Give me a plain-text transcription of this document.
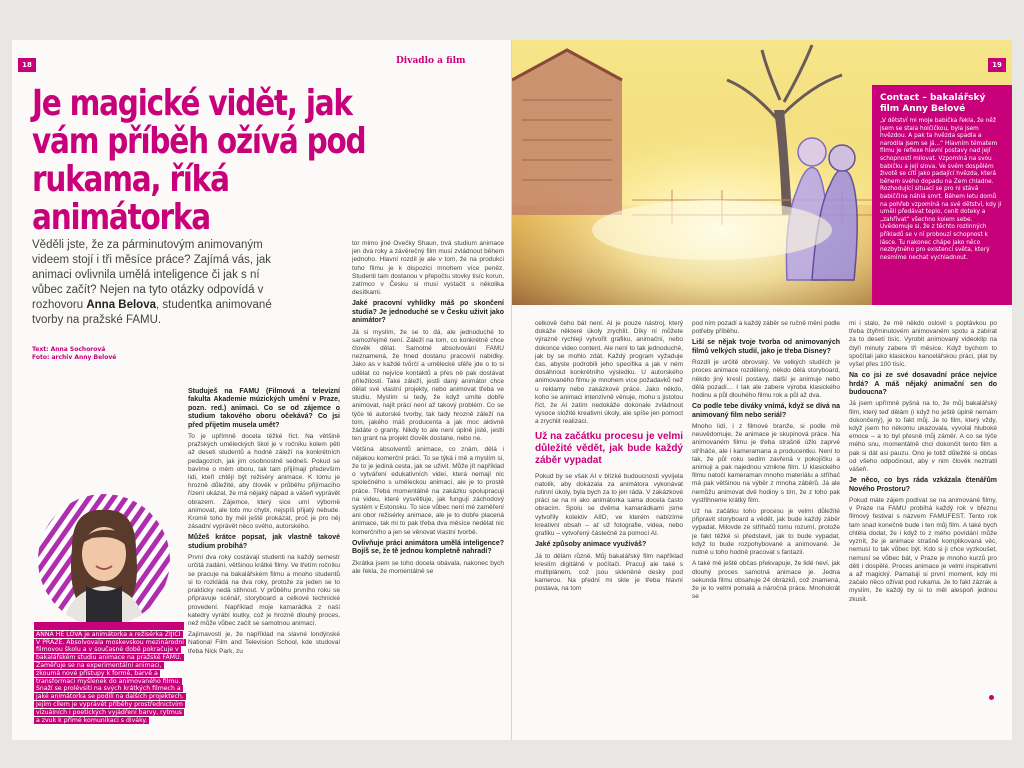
18	Divadlo a film
Je magické vidět, jak vám příběh ožívá pod rukama, říká animátorka

Věděli jste, že za párminutovým animovaným videem stojí i tři měsíce práce? Zajímá vás, jak animaci ovlivnila umělá inteligence či jak s ní vůbec začít? Nejen na tyto otázky odpovídá v rozhovoru Anna Belova, studentka animované tvorby na pražské FAMU.

Text: Anna Sochorová
Foto: archiv Anny Belové
ANNA BELOVA
ANNA HE LOVA je animátorka a režisérka ZIJÍCÍ V PRAZE. Absolvovala moskevskou mezinárodní filmovou školu a v současné době pokračuje v bakalářském studiu animace na pražské FAMU. Zaměřuje se na experimentální animaci, zkoumá nové přístupy k formě, barvě a transformaci myšlenek do animovaného filmu. Snaží se prolévsiti na svých krátkých filmech a jaké animátorka se podílí na dalších projektech. Jejím cílem je vyprávět příběhy prostřednictvím vizuálních i poetických vyjádření barvy, rytmus a zvuk k přímé komunikaci s diváky.
Studuješ na FAMU (Filmová a televizní fakulta Akademie múzických umění v Praze, pozn. red.) animaci. Co se od zájemce o studium takového oboru očekává? Co jsi před přijetím musela umět?

To je upřímně docela těžké říct. Na většině pražských uměleckých škol je v ročníku kolem pěti až deseti studentů a hodně záleží na konkrétních pedagozích, jak jim osobnostně sedneš. Pokud se bavíme o mém oboru, tak tam přijímají především lidi, kteří chtějí být režiséry animace. K tomu je hrozně důležité, aby člověk v průběhu přijímacího řízení ukázal, že má nějaký nápad a vášeň vyprávět obrazem. Zájemce, který sice umí výborně animovat, ale toto mu chybí, nejspíš přijatý nebude. Kromě toho by měl ještě prokázat, proč je pro něj zásadní vyprávět něco svého, autorského.

Můžeš krátce popsat, jak vlastně takové studium probíhá?

První dva roky costávají studenti na každý semestr určitá zadání, většinou krátké filmy. Ve třetím ročníku se pracuje na bakalářském filmu a mnoho studentů si to rozkládá na dva roky, protože za jeden se to prakticky nedá stihnout. V průběhu prvního roku se připravuje scénář, storyboard a celkové technické provedení. Například moje kamarádka z naší katedry vyrábí loutky, což je hrozně dlouhý proces, než může vůbec začít se samotnou animací.

Zajímavostí je, že například na slavné londýnské National Film and Television School, kde studoval třeba Nick Park, zu

tor mimo jiné Ovečky Shaun, trvá studium animace jen dva roky a závěrečný film musí zvládnout během jednoho. Hlavní rozdíl je ale v tom, že na produkci toho filmu je k dispozici mnohem více peněz. Studenti tam dostanou v přepočtu stovky tisíc korun, zatímco v Česku si musí vystačit s několika desítkami.

Jaké pracovní vyhlídky máš po skončení studia? Je jednoduché se v Česku uživit jako animátor?

Já si myslím, že se to dá, ale jednoduché to samozřejmě není. Záleží na tom, co konkrétně chce člověk dělat. Samotné absolvování FAMU neznamená, že hned dostanu pracovní nabídky. Jako as v každé tvůrčí a umělecké sféře jde o to si udělat co nejvíce kontaktů a přes ně pak dostávat příležitosti. Také záleží, jestli daný animátor chce dělat své vlastní projekty, nebo animovat třeba ve studiu. Myslím si tedy, že když umíte dobře animovat, najít práci není až takový problém. Co se týče té autorské tvorby, tak tady hrozně záleží na tom, jakého máš producenta a jak moc aktivně žádáte o granty. Nikdy to ale není úplně jisté, jestli ten grant na projekt člověk dostane, nebo ne.

Většina absolventů animace, co znám, dělá i nějakou komerční práci. To se týká i mě a myslím si, že to je jediná cesta, jak se uživit. Může jít například o vytváření edukativních videí, která nemají nic společného s uměleckou animací, ale je to prostě práce. Třeba momentálně na zakázku spolupracuji na videu, které vysvětluje, jak fungují záchodový systém v Estonsku. To sice vůbec není mé zaměření ani obor režisérky animace, ale je to dobře placená animace, tak mi to pak třeba dva měsíce nedělat nic komerčního a jen se věnovat vlastní tvorbě.

Ovlivňuje práci animátora umělá inteligence? Bojíš se, že tě jednou kompletně nahradí?

Zkrátka jsem se toho docela obávala, nakonec bych ale řekla, že momentálně se

19
Contact – bakalářský film Anny Belové

„V dětství mi moje babička řekla, že něž jsem se stala holčičkou, byla jsem hvězdou. A pak ta hvězda spadla a narodila jsem se já...“ Hlavním tématem filmu je reflexe hlavní postavy nad její schopností milovat. Vzpomíná na svou babičku a její slova. Ve svém dospělém životě se cítí jako padající hvězda, která během svého dopadu na Zem chladne. Rozhodující situací se pro ni stává babiččina náhlá smrt. Během letu domů na pohřeb vzpomíná na své dětství, kdy ji uměli předávat teplo, cenit doteky a „zahřívat“ všechno kolem sebe. Uvědomuje si, že z těchto rozlinných příkladů se v ní probouzí schopnost k lásce. Tu nakonec chápe jako něco nezbytného pro existenci světa, který nesmíme nechat vychladnout.

celkově čeho bát není. AI je pouze nástroj, který dokáže některé úkoly zrychlit. Díky ní můžete výrazně rychleji vytvořit grafiku, animační, nebo dokonce video content. Ale není to tak jednoduché, jak by se mohlo zdát. Každý program vyžaduje čas, abyste podrobili jeho specifika a jak v ném dosáhnout konkrétního výsledku. U autorského animovaného filmu je mnohem více požadavků než u reklamy nebo zakázkové práce. Jako někdo, koho se animaci intenzivně věnuje, mohu s jistotou říct, že AI zatím nedokáže dokonale zvládnout vysoce složité kreativní úkoly, ale spíše jen pomoct a zrychlit realizaci.

Už na začátku procesu je velmi důležité vědět, jak bude každý záběr vypadat

Pokud by se však AI v blízké budoucnosti vyvíjela natolik, aby dokázala za animátora vykonávat rutinní úkoly, byla bych za to jen ráda. V zakázkové práci se na ní ako animátorka sama docela často obracím. Spolu se dvěma kamarádkami jsme vytvořily kolektiv AIID, ve kterém nabízíme kreativní obsah – ať už fotografie, videa, nebo grafiku – vytvořený částečně za pomocí AI.

Jaké způsoby animace využíváš?

Já to dělám různě. Můj bakalářský film například kreslím digitálně v počítači. Pracuji ale také s multiplánem, což jsou skleněné desky pod kamerou. Na přední mi skle je třeba hlavní postava, na tom

pod ním pozadí a každý záběr se ručně mění podle potřeby příběhu.

Liší se nějak tvoje tvorba od animovaných filmů velkých studií, jako je třeba Disney?

Rozdíl je určitě obrovský. Ve velkých studiích je proces animace rozdělený, někdo dělá storyboard, někdo jiný kreslí postavy, další je animuje nebo dělá pozadí… I tak ale zabere výroba klasického hodinu a půl dlouhého filmu rok a půl až dva.

Co podle tebe diváky vnímá, když se dívá na animovaný film nebo seriál?

Mnoho lidí, i z filmové branže, si podle mě neuvědomuje, že animace je skupinová práce. Na animovaném filmu je třeba strašně úžlo zaprvé stříháče, ale i kameramana a producentku. Není to tak, že půl roku sedím zavřená v pokojíčku a animuji a pak najednou vznikne film. U klasického filmu natočí kameraman mnoho materiálu a stříhač má pak většinou na výběr z mnoha záběrů. Já ale nemůžu animovat dvě hodiny s tím, že z toho pak vystřihneme krátký film.

Už na začátku toho procesu je velmi důležité připravit storyboard a vědět, jak bude každý záběr vypadat. Milovde ze stříhačů tomu rozumí, protože je fakt těžké si představit, jak to bude vypadat, když to bude rozpohybované a animované. Je nutné u toho hodně pracovat s fantazií.

A také mě ještě občas překvapuje, že lidé neví, jak dlouhý proces samotná animace je. Jedna sekunda filmu obsahuje 24 obrázků, což znamená, že je to velmi pomalá a náročná práce. Mnohokrát se

mi i stalo, že mě někdo oslovil s poptávkou po třeba čtyřminutovém animovaném spotu a zabírat za to desetí tisíc. Vyrobit animovaný videoklip na čtyři minuty zabere tři měsíce. Když bychom to spočítali jako klasickou kancelářskou práci, plat by vyšel přes 100 tisíc.

Na co jsi ze své dosavadní práce nejvíce hrdá? A máš nějaký animační sen do budoucna?

Já jsem upřímně pyšná na to, že můj bakalářský film, který teď dělám (i když ho ještě úplně nemám dokončený), je to fakt můj. Je to film, který vždy, když jsem ho někomu ukazovala, vyvolal hluboké emoce – a to byl přesně můj záměr. A co se týče mého snu, momentálně chci dokončit tento film a pak si dát asi pauzu. Ono je totiž důležité si občas od všeho odpočinout, aby v nim člověk neztratil vášeň.

Je něco, co bys ráda vzkázala čtenářům Nového Prostoru?

Pokud máte zájem podívat se na animované filmy, v Praze na FAMU probíhá každý rok v březnu filmový festival s názvem FAMUFEST. Tento rok tam snad konečně bude i ten můj film. A také bych chtěla dodat, že i když to z mého povídání může vyznít, že je animace strašně komplikovaná věc, nemusí to tak vůbec být. Kdo si ji chce vyzkoušet, nemusí se vůbec bát, v Praze je mnoho kurzů pro děti i dospělé. Proces animace je velmi inspirativní a až magický. Pamatuji si první moment, kdy mi začalo něco ožívat pod rukama. Je to fakt zázrak a myslím, že každý by si to měl alespoň jednou zkusit.
